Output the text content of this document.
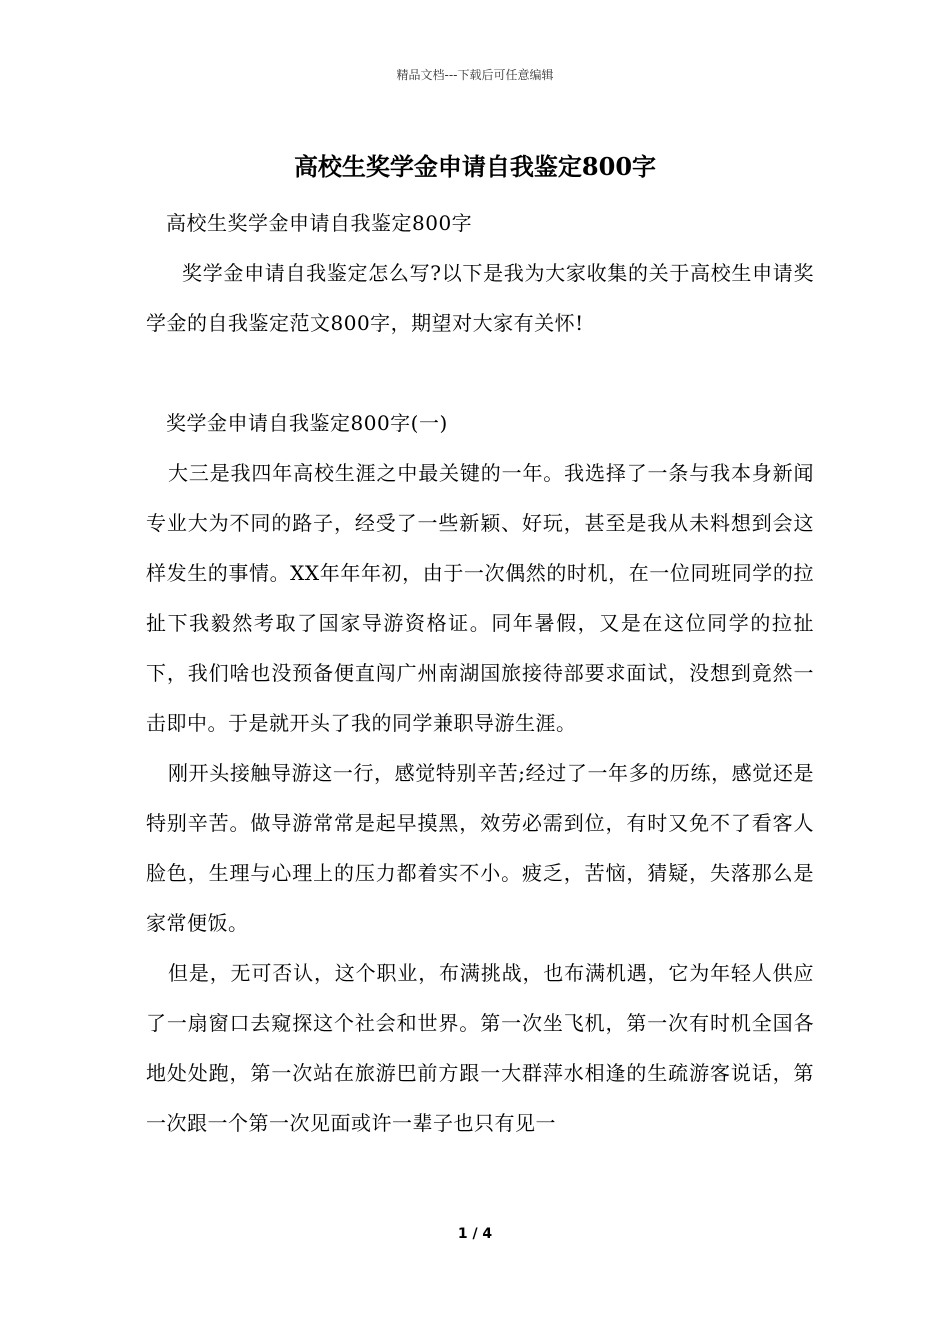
精品文档---下载后可任意编辑
高校生奖学金申请自我鉴定800字

高校生奖学金申请自我鉴定800字

奖学金申请自我鉴定怎么写?以下是我为大家收集的关于高校生申请奖学金的自我鉴定范文800字，期望对大家有关怀!

奖学金申请自我鉴定800字(一)

大三是我四年高校生涯之中最关键的一年。我选择了一条与我本身新闻专业大为不同的路子，经受了一些新颖、好玩，甚至是我从未料想到会这样发生的事情。XX年年年初，由于一次偶然的时机，在一位同班同学的拉扯下我毅然考取了国家导游资格证。同年暑假，又是在这位同学的拉扯下，我们啥也没预备便直闯广州南湖国旅接待部要求面试，没想到竟然一击即中。于是就开头了我的同学兼职导游生涯。

刚开头接触导游这一行，感觉特别辛苦;经过了一年多的历练，感觉还是特别辛苦。做导游常常是起早摸黑，效劳必需到位，有时又免不了看客人脸色，生理与心理上的压力都着实不小。疲乏，苦恼，猜疑，失落那么是家常便饭。

但是，无可否认，这个职业，布满挑战，也布满机遇，它为年轻人供应了一扇窗口去窥探这个社会和世界。第一次坐飞机，第一次有时机全国各地处处跑，第一次站在旅游巴前方跟一大群萍水相逢的生疏游客说话，第一次跟一个第一次见面或许一辈子也只有见一

1 / 4
